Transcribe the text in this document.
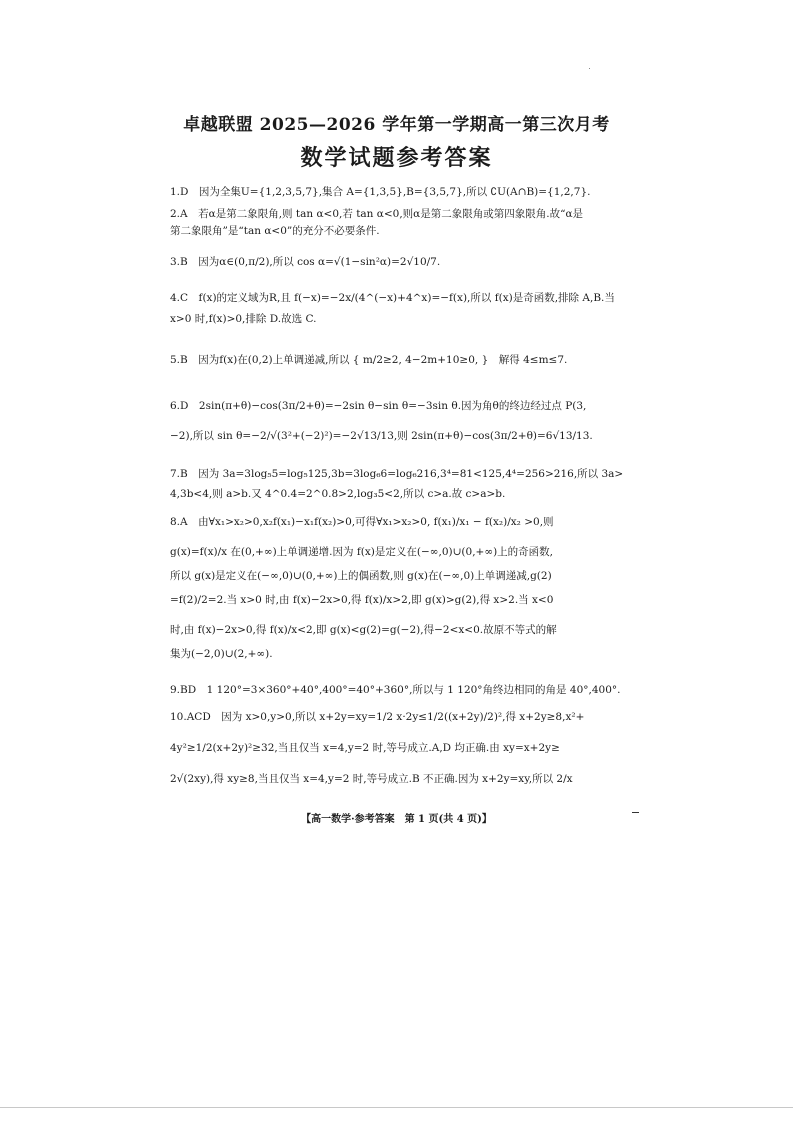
卓越联盟 2025—2026 学年第一学期高一第三次月考
数学试题参考答案
1.D　因为全集U={1,2,3,5,7},集合 A={1,3,5},B={3,5,7},所以 ∁U(A∩B)={1,2,7}.
2.A　若α是第二象限角,则 tan α<0,若 tan α<0,则α是第二象限角或第四象限角.故“α是
第二象限角”是“tan α<0”的充分不必要条件.
3.B　因为α∈(0,π/2),所以 cos α=√(1−sin²α)=2√10/7.
4.C　f(x)的定义域为R,且 f(−x)=−2x/(4^(−x)+4^x)=−f(x),所以 f(x)是奇函数,排除 A,B.当
x>0 时,f(x)>0,排除 D.故选 C.
5.B　因为f(x)在(0,2)上单调递减,所以 { m/2≥2, 4−2m+10≥0, }　解得 4≤m≤7.
6.D　2sin(π+θ)−cos(3π/2+θ)=−2sin θ−sin θ=−3sin θ.因为角θ的终边经过点 P(3,
−2),所以 sin θ=−2/√(3²+(−2)²)=−2√13/13,则 2sin(π+θ)−cos(3π/2+θ)=6√13/13.
7.B　因为 3a=3log₅5=log₅125,3b=3log₆6=log₆216,3⁴=81<125,4⁴=256>216,所以 3a>
4,3b<4,则 a>b.又 4^0.4=2^0.8>2,log₃5<2,所以 c>a.故 c>a>b.
8.A　由∀x₁>x₂>0,x₂f(x₁)−x₁f(x₂)>0,可得∀x₁>x₂>0, f(x₁)/x₁ − f(x₂)/x₂ >0,则
g(x)=f(x)/x 在(0,+∞)上单调递增.因为 f(x)是定义在(−∞,0)∪(0,+∞)上的奇函数,
所以 g(x)是定义在(−∞,0)∪(0,+∞)上的偶函数,则 g(x)在(−∞,0)上单调递减,g(2)
=f(2)/2=2.当 x>0 时,由 f(x)−2x>0,得 f(x)/x>2,即 g(x)>g(2),得 x>2.当 x<0
时,由 f(x)−2x>0,得 f(x)/x<2,即 g(x)<g(2)=g(−2),得−2<x<0.故原不等式的解
集为(−2,0)∪(2,+∞).
9.BD　1 120°=3×360°+40°,400°=40°+360°,所以与 1 120°角终边相同的角是 40°,400°.
10.ACD　因为 x>0,y>0,所以 x+2y=xy=1/2 x·2y≤1/2((x+2y)/2)²,得 x+2y≥8,x²+
4y²≥1/2(x+2y)²≥32,当且仅当 x=4,y=2 时,等号成立.A,D 均正确.由 xy=x+2y≥
2√(2xy),得 xy≥8,当且仅当 x=4,y=2 时,等号成立.B 不正确.因为 x+2y=xy,所以 2/x
【高一数学·参考答案　第 1 页(共 4 页)】
